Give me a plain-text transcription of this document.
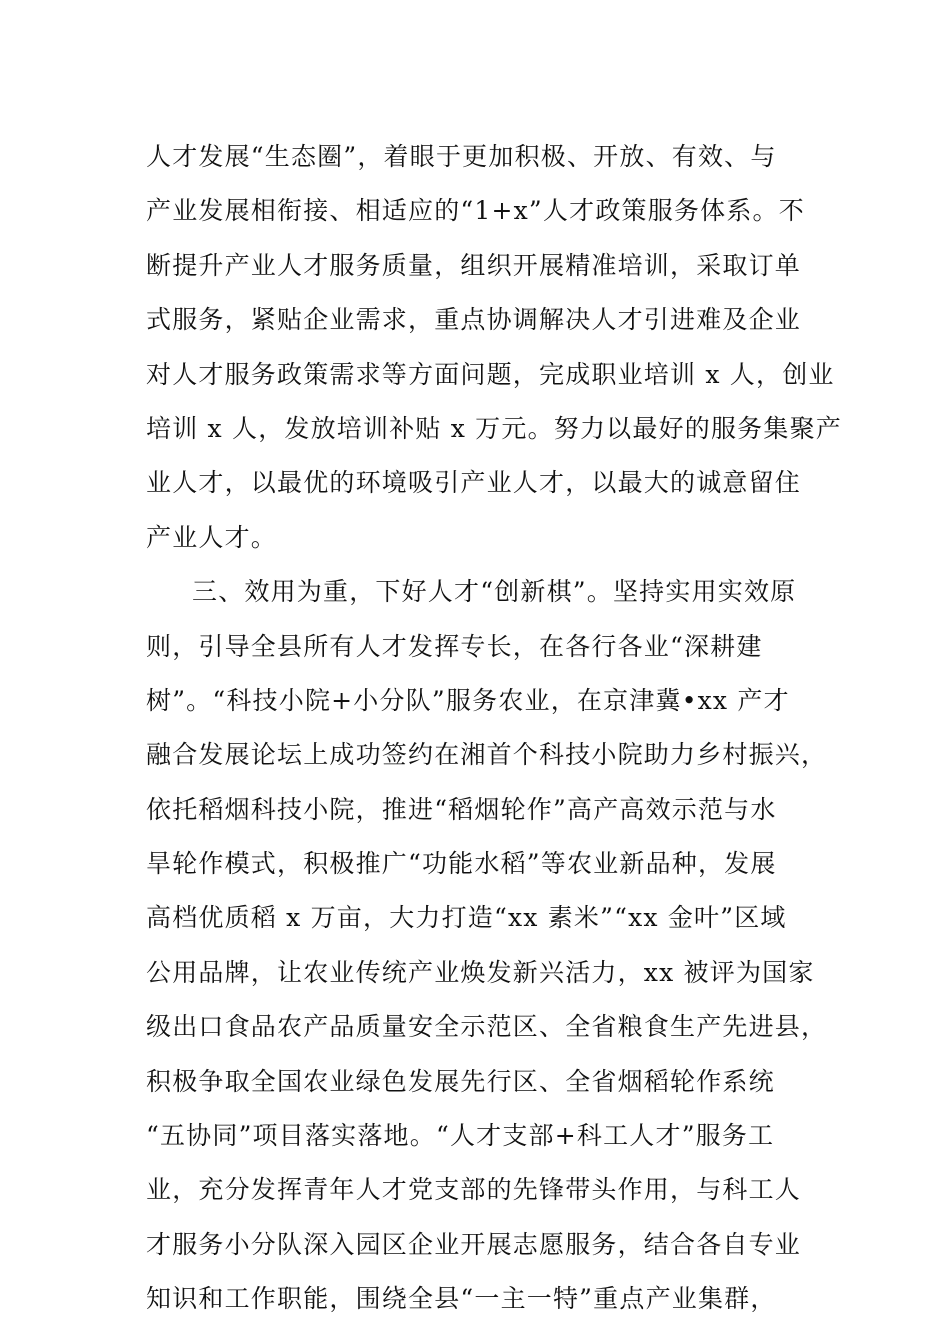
人才发展“生态圈”，着眼于更加积极、开放、有效、与
产业发展相衔接、相适应的“1+x”人才政策服务体系。不
断提升产业人才服务质量，组织开展精准培训，采取订单
式服务，紧贴企业需求，重点协调解决人才引进难及企业
对人才服务政策需求等方面问题，完成职业培训 x 人，创业
培训 x 人，发放培训补贴 x 万元。努力以最好的服务集聚产
业人才，以最优的环境吸引产业人才，以最大的诚意留住
产业人才。
三、效用为重，下好人才“创新棋”。坚持实用实效原
则，引导全县所有人才发挥专长，在各行各业“深耕建
树”。“科技小院+小分队”服务农业，在京津冀•xx 产才
融合发展论坛上成功签约在湘首个科技小院助力乡村振兴，
依托稻烟科技小院，推进“稻烟轮作”高产高效示范与水
旱轮作模式，积极推广“功能水稻”等农业新品种，发展
高档优质稻 x 万亩，大力打造“xx 素米”“xx 金叶”区域
公用品牌，让农业传统产业焕发新兴活力，xx 被评为国家
级出口食品农产品质量安全示范区、全省粮食生产先进县，
积极争取全国农业绿色发展先行区、全省烟稻轮作系统
“五协同”项目落实落地。“人才支部+科工人才”服务工
业，充分发挥青年人才党支部的先锋带头作用，与科工人
才服务小分队深入园区企业开展志愿服务，结合各自专业
知识和工作职能，围绕全县“一主一特”重点产业集群，
